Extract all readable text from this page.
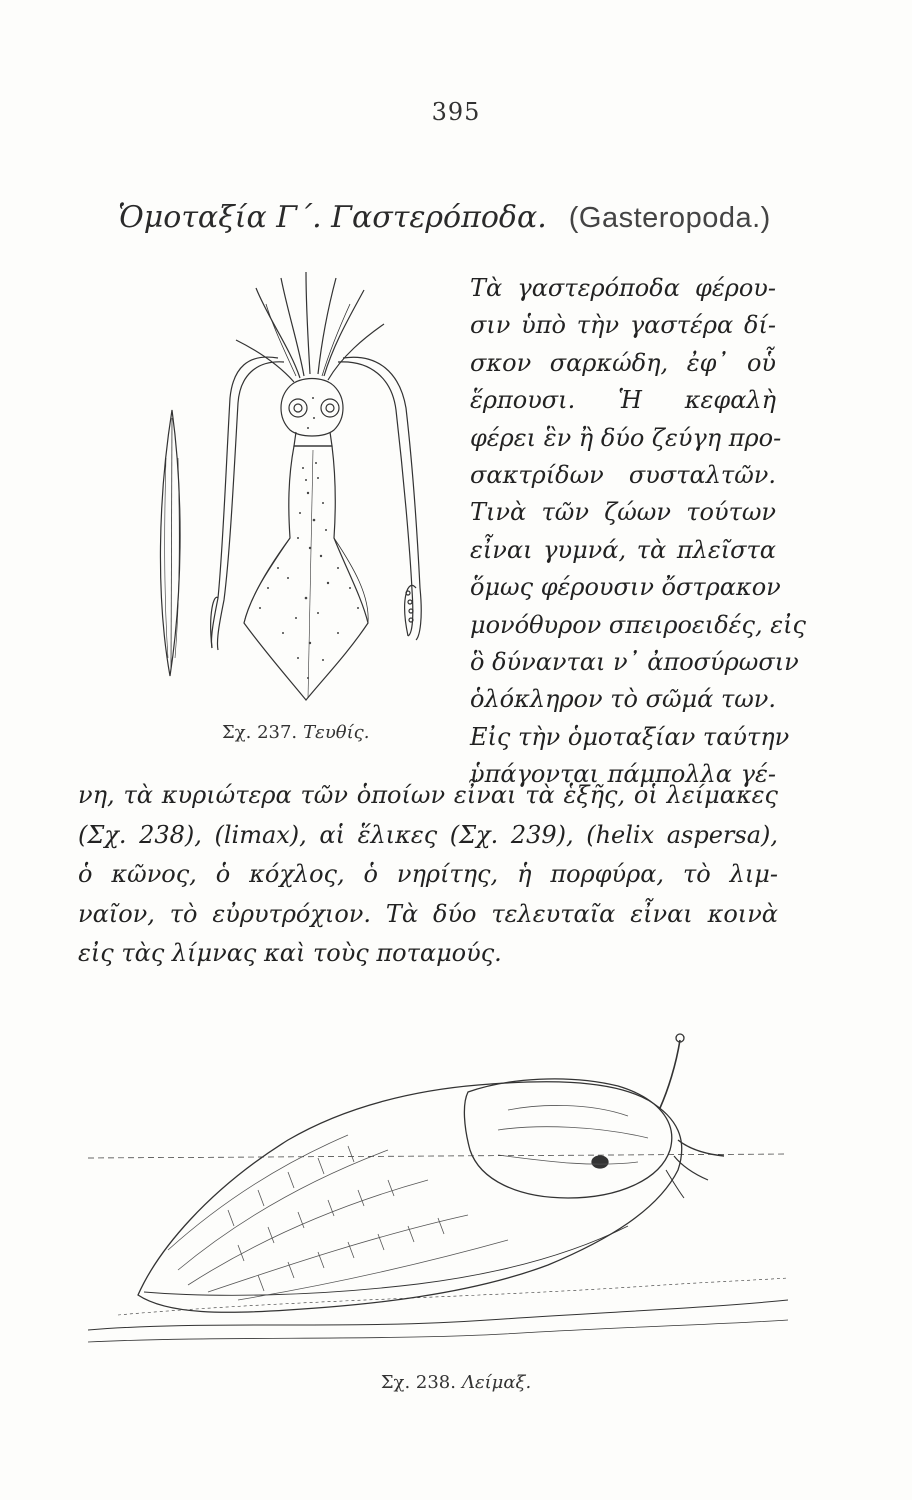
395
Ὁμοταξία Γ΄. Γαστερόποδα. (Gasteropoda.)
Σχ. 237. Τευθίς.
Τὰ γαστερόποδα φέρου-
σιν ὑπὸ τὴν γαστέρα δί-
σκον σαρκώδη, ἐφ᾽ οὗ
ἕρπουσι. Ἡ κεφαλὴ
φέρει ἓν ἢ δύο ζεύγη προ-
σακτρίδων συσταλτῶν.
Τινὰ τῶν ζώων τούτων
εἶναι γυμνά, τὰ πλεῖστα
ὅμως φέρουσιν ὄστρακον
μονόθυρον σπειροειδές, εἰς
ὃ δύνανται ν᾽ ἀποσύρωσιν
ὁλόκληρον τὸ σῶμά των.
Εἰς τὴν ὁμοταξίαν ταύτην
ὑπάγονται πάμπολλα γέ-
νη, τὰ κυριώτερα τῶν ὁποίων εἶναι τὰ ἑξῆς, οἱ λείμακες
(Σχ. 238), (limax), αἱ ἕλικες (Σχ. 239), (helix aspersa),
ὁ κῶνος, ὁ κόχλος, ὁ νηρίτης, ἡ πορφύρα, τὸ λιμ-
ναῖον, τὸ εὐρυτρόχιον. Τὰ δύο τελευταῖα εἶναι κοινὰ
εἰς τὰς λίμνας καὶ τοὺς ποταμούς.
Σχ. 238. Λείμαξ.
